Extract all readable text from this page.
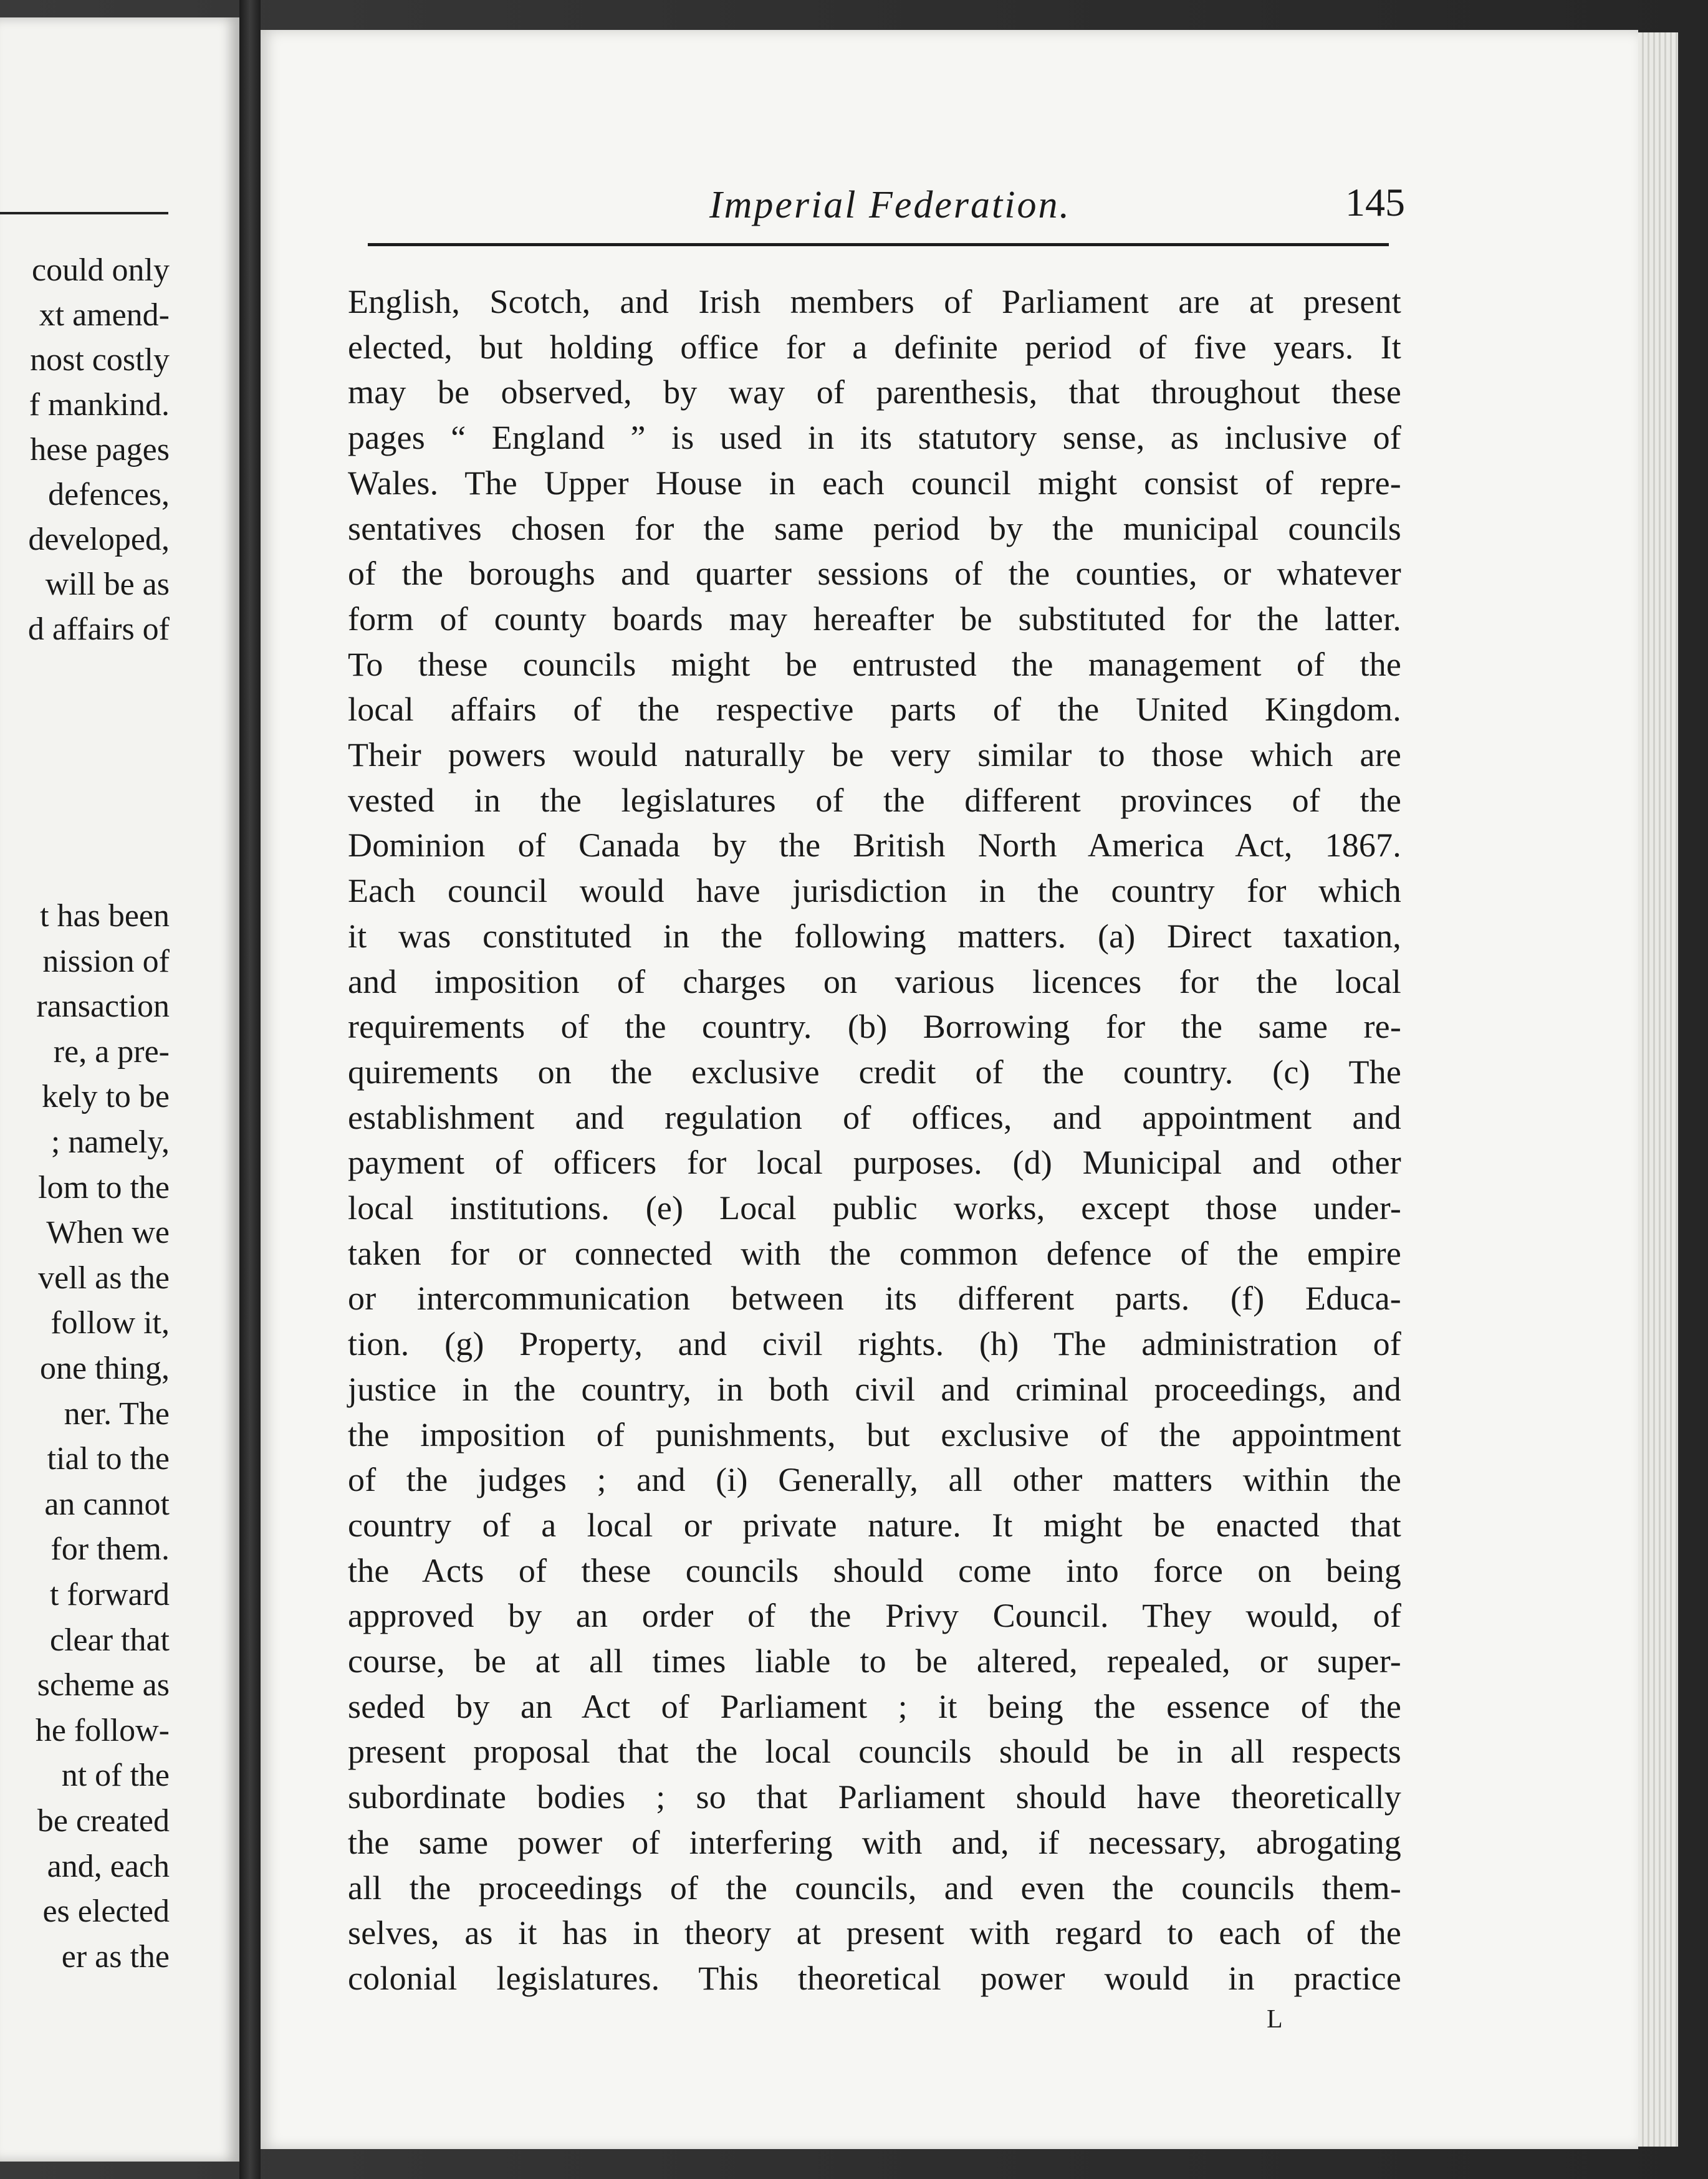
could only
xt amend-
nost costly
f mankind.
hese pages
defences,
developed,
will be as
d affairs of
t has been
nission of
ransaction
re, a pre-
kely to be
; namely,
lom to the
When we
vell as the
follow it,
one thing,
ner. The
tial to the
an cannot
for them.
t forward
clear that
scheme as
he follow-
nt of the
be created
and, each
es elected
er as the
Imperial Federation.	145
English, Scotch, and Irish members of Parliament are at present
elected, but holding office for a definite period of five years. It
may be observed, by way of parenthesis, that throughout these
pages “ England ” is used in its statutory sense, as inclusive of
Wales. The Upper House in each council might consist of repre-
sentatives chosen for the same period by the municipal councils
of the boroughs and quarter sessions of the counties, or whatever
form of county boards may hereafter be substituted for the latter.
To these councils might be entrusted the management of the
local affairs of the respective parts of the United Kingdom.
Their powers would naturally be very similar to those which are
vested in the legislatures of the different provinces of the
Dominion of Canada by the British North America Act, 1867.
Each council would have jurisdiction in the country for which
it was constituted in the following matters. (a) Direct taxation,
and imposition of charges on various licences for the local
requirements of the country. (b) Borrowing for the same re-
quirements on the exclusive credit of the country. (c) The
establishment and regulation of offices, and appointment and
payment of officers for local purposes. (d) Municipal and other
local institutions. (e) Local public works, except those under-
taken for or connected with the common defence of the empire
or intercommunication between its different parts. (f) Educa-
tion. (g) Property, and civil rights. (h) The administration of
justice in the country, in both civil and criminal proceedings, and
the imposition of punishments, but exclusive of the appointment
of the judges ; and (i) Generally, all other matters within the
country of a local or private nature. It might be enacted that
the Acts of these councils should come into force on being
approved by an order of the Privy Council. They would, of
course, be at all times liable to be altered, repealed, or super-
seded by an Act of Parliament ; it being the essence of the
present proposal that the local councils should be in all respects
subordinate bodies ; so that Parliament should have theoretically
the same power of interfering with and, if necessary, abrogating
all the proceedings of the councils, and even the councils them-
selves, as it has in theory at present with regard to each of the
colonial legislatures. This theoretical power would in practice
L
